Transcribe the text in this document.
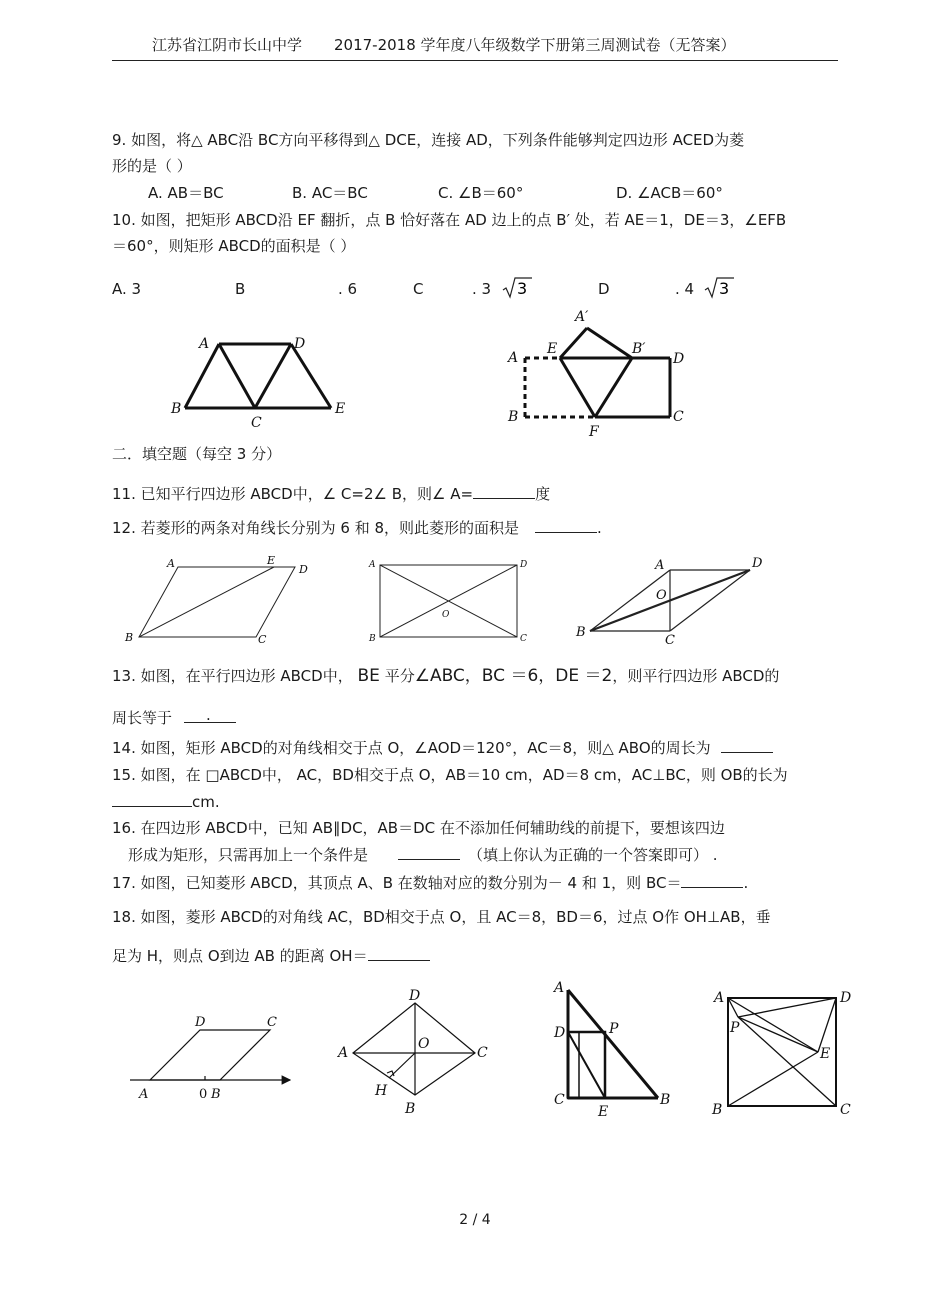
江苏省江阴市长山中学 2017-2018 学年度八年级数学下册第三周测试卷（无答案）
9. 如图，将△ ABC沿 BC方向平移得到△ DCE，连接 AD，下列条件能够判定四边形 ACED为菱
形的是（ ）
A. AB＝BC	B. AC＝BC	C. ∠B＝60°	D. ∠ACB＝60°
10. 如图，把矩形 ABCD沿 EF 翻折，点 B 恰好落在 AD 边上的点 B′ 处，若 AE＝1，DE＝3，∠EFB
＝60°，则矩形 ABCD的面积是（ ）
A. 3	B	. 6	C	. 3 3	D	. 4 3
A	D
B
C
E
A′
A
E	B′
D
B
F
C
二．填空题（每空 3 分）
11. 已知平行四边形 ABCD中，∠ C=2∠ B，则∠ A=	度
12. 若菱形的两条对角线长分别为 6 和 8，则此菱形的面积是	.
A	E
D
B	C
A	D
O
B	C
A	D
O
B
C
13. 如图，在平行四边形 ABCD中， BE 平分∠ABC，BC ＝6，DE ＝2，则平行四边形 ABCD的
周长等于 .
14. 如图，矩形 ABCD的对角线相交于点 O，∠AOD＝120°，AC＝8，则△ ABO的周长为
15. 如图，在 □ABCD中， AC，BD相交于点 O，AB＝10 cm，AD＝8 cm，AC⊥BC，则 OB的长为
cm.
16. 在四边形 ABCD中，已知 AB∥DC，AB＝DC 在不添加任何辅助线的前提下，要想该四边
形成为矩形，只需再加上一个条件是	（填上你认为正确的一个答案即可） .
17. 如图，已知菱形 ABCD，其顶点 A、B 在数轴对应的数分别为－ 4 和 1，则 BC＝	.
18. 如图，菱形 ABCD的对角线 AC，BD相交于点 O，且 AC＝8，BD＝6，过点 O作 OH⊥AB，垂
足为 H，则点 O到边 AB 的距离 OH＝
D	C
A	0 B
D
A
O
C
H
B
A
D	P
C
E
B
A	D
P
E
B	C
2 / 4
